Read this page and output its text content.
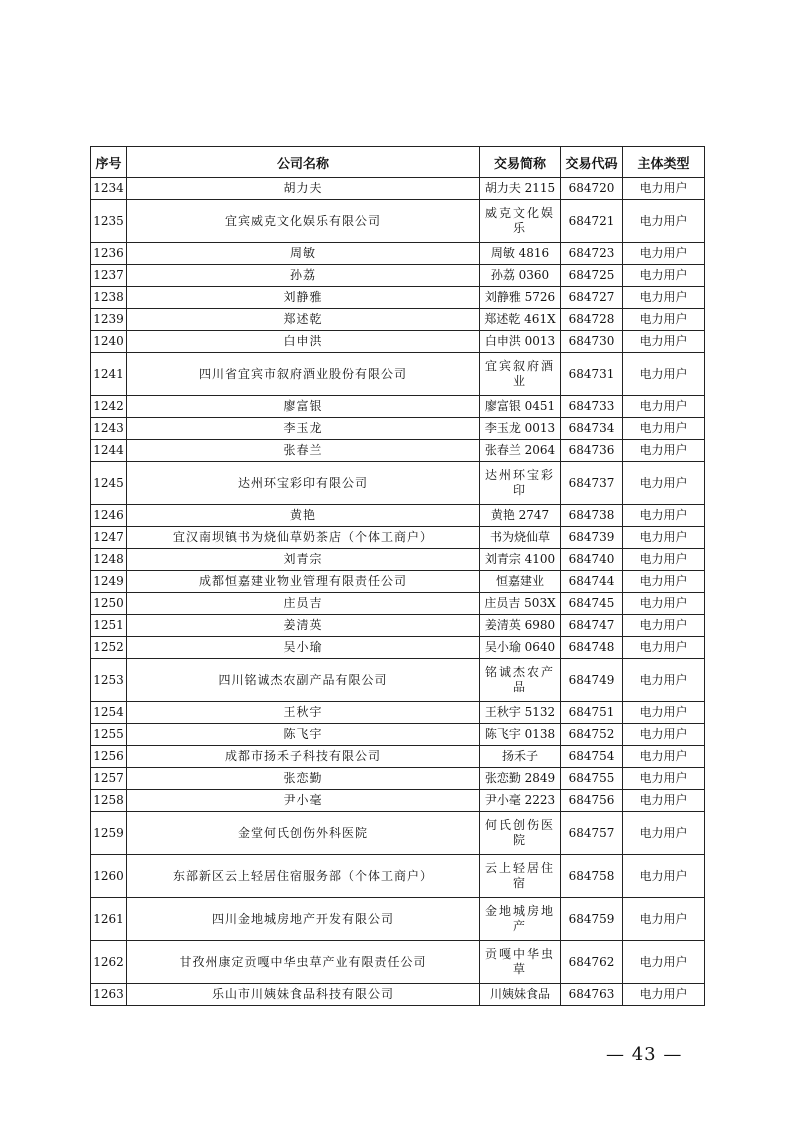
序号	公司名称	交易简称	交易代码	主体类型
1234	胡力夫	胡力夫 2115	684720	电力用户
1235	宜宾威克文化娱乐有限公司	威克文化娱乐	684721	电力用户
1236	周敏	周敏 4816	684723	电力用户
1237	孙荔	孙荔 0360	684725	电力用户
1238	刘静雅	刘静雅 5726	684727	电力用户
1239	郑述乾	郑述乾 461X	684728	电力用户
1240	白申洪	白申洪 0013	684730	电力用户
1241	四川省宜宾市叙府酒业股份有限公司	宜宾叙府酒业	684731	电力用户
1242	廖富银	廖富银 0451	684733	电力用户
1243	李玉龙	李玉龙 0013	684734	电力用户
1244	张春兰	张春兰 2064	684736	电力用户
1245	达州环宝彩印有限公司	达州环宝彩印	684737	电力用户
1246	黄艳	黄艳 2747	684738	电力用户
1247	宜汉南坝镇书为烧仙草奶茶店（个体工商户）	书为烧仙草	684739	电力用户
1248	刘青宗	刘青宗 4100	684740	电力用户
1249	成都恒嘉建业物业管理有限责任公司	恒嘉建业	684744	电力用户
1250	庄员吉	庄员吉 503X	684745	电力用户
1251	姜清英	姜清英 6980	684747	电力用户
1252	吴小瑜	吴小瑜 0640	684748	电力用户
1253	四川铭诚杰农副产品有限公司	铭诚杰农产品	684749	电力用户
1254	王秋宇	王秋宇 5132	684751	电力用户
1255	陈飞宇	陈飞宇 0138	684752	电力用户
1256	成都市扬禾子科技有限公司	扬禾子	684754	电力用户
1257	张恋勤	张恋勤 2849	684755	电力用户
1258	尹小毫	尹小毫 2223	684756	电力用户
1259	金堂何氏创伤外科医院	何氏创伤医院	684757	电力用户
1260	东部新区云上轻居住宿服务部（个体工商户）	云上轻居住宿	684758	电力用户
1261	四川金地城房地产开发有限公司	金地城房地产	684759	电力用户
1262	甘孜州康定贡嘎中华虫草产业有限责任公司	贡嘎中华虫草	684762	电力用户
1263	乐山市川姨妹食品科技有限公司	川姨妹食品	684763	电力用户
— 43 —
